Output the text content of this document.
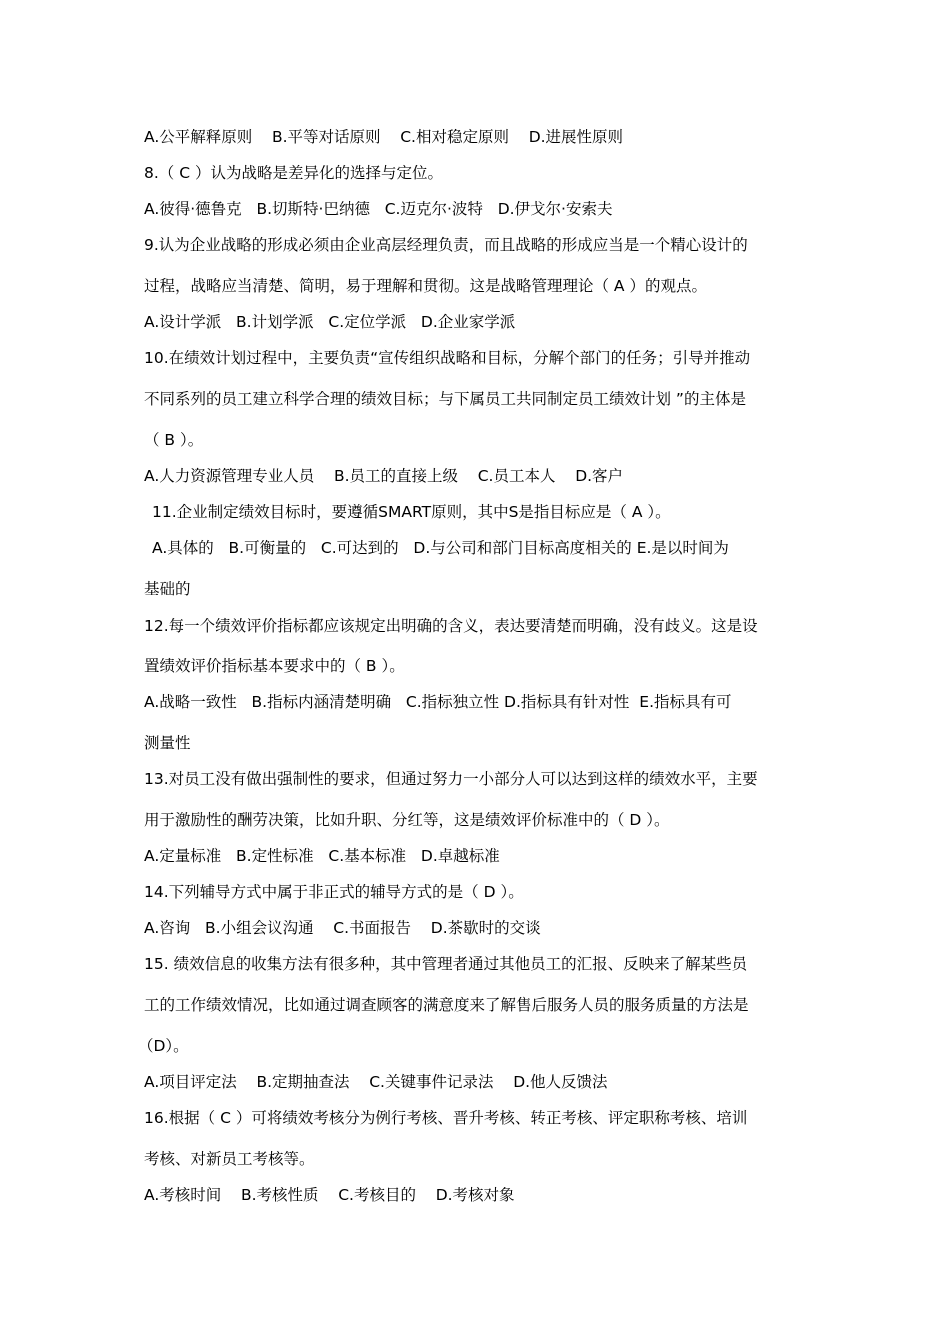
A.公平解释原则    B.平等对话原则    C.相对稳定原则    D.进展性原则
8.（ C ）认为战略是差异化的选择与定位。
A.彼得·德鲁克   B.切斯特·巴纳德   C.迈克尔·波特   D.伊戈尔·安索夫
9.认为企业战略的形成必须由企业高层经理负责，而且战略的形成应当是一个精心设计的
过程，战略应当清楚、简明，易于理解和贯彻。这是战略管理理论（ A ）的观点。
A.设计学派   B.计划学派   C.定位学派   D.企业家学派
10.在绩效计划过程中，主要负责“宣传组织战略和目标，分解个部门的任务；引导并推动
不同系列的员工建立科学合理的绩效目标；与下属员工共同制定员工绩效计划 ”的主体是
（ B ）。
A.人力资源管理专业人员    B.员工的直接上级    C.员工本人    D.客户
11.企业制定绩效目标时，要遵循SMART原则，其中S是指目标应是（ A ）。
A.具体的   B.可衡量的   C.可达到的   D.与公司和部门目标高度相关的 E.是以时间为
基础的
12.每一个绩效评价指标都应该规定出明确的含义，表达要清楚而明确，没有歧义。这是设
置绩效评价指标基本要求中的（ B ）。
A.战略一致性   B.指标内涵清楚明确   C.指标独立性 D.指标具有针对性  E.指标具有可
测量性
13.对员工没有做出强制性的要求，但通过努力一小部分人可以达到这样的绩效水平，主要
用于激励性的酬劳决策，比如升职、分红等，这是绩效评价标准中的（ D ）。
A.定量标准   B.定性标准   C.基本标准   D.卓越标准
14.下列辅导方式中属于非正式的辅导方式的是（ D ）。
A.咨询   B.小组会议沟通    C.书面报告    D.茶歇时的交谈
15. 绩效信息的收集方法有很多种，其中管理者通过其他员工的汇报、反映来了解某些员
工的工作绩效情况，比如通过调查顾客的满意度来了解售后服务人员的服务质量的方法是
（D）。
A.项目评定法    B.定期抽查法    C.关键事件记录法    D.他人反馈法
16.根据（ C ）可将绩效考核分为例行考核、晋升考核、转正考核、评定职称考核、培训
考核、对新员工考核等。
A.考核时间    B.考核性质    C.考核目的    D.考核对象
